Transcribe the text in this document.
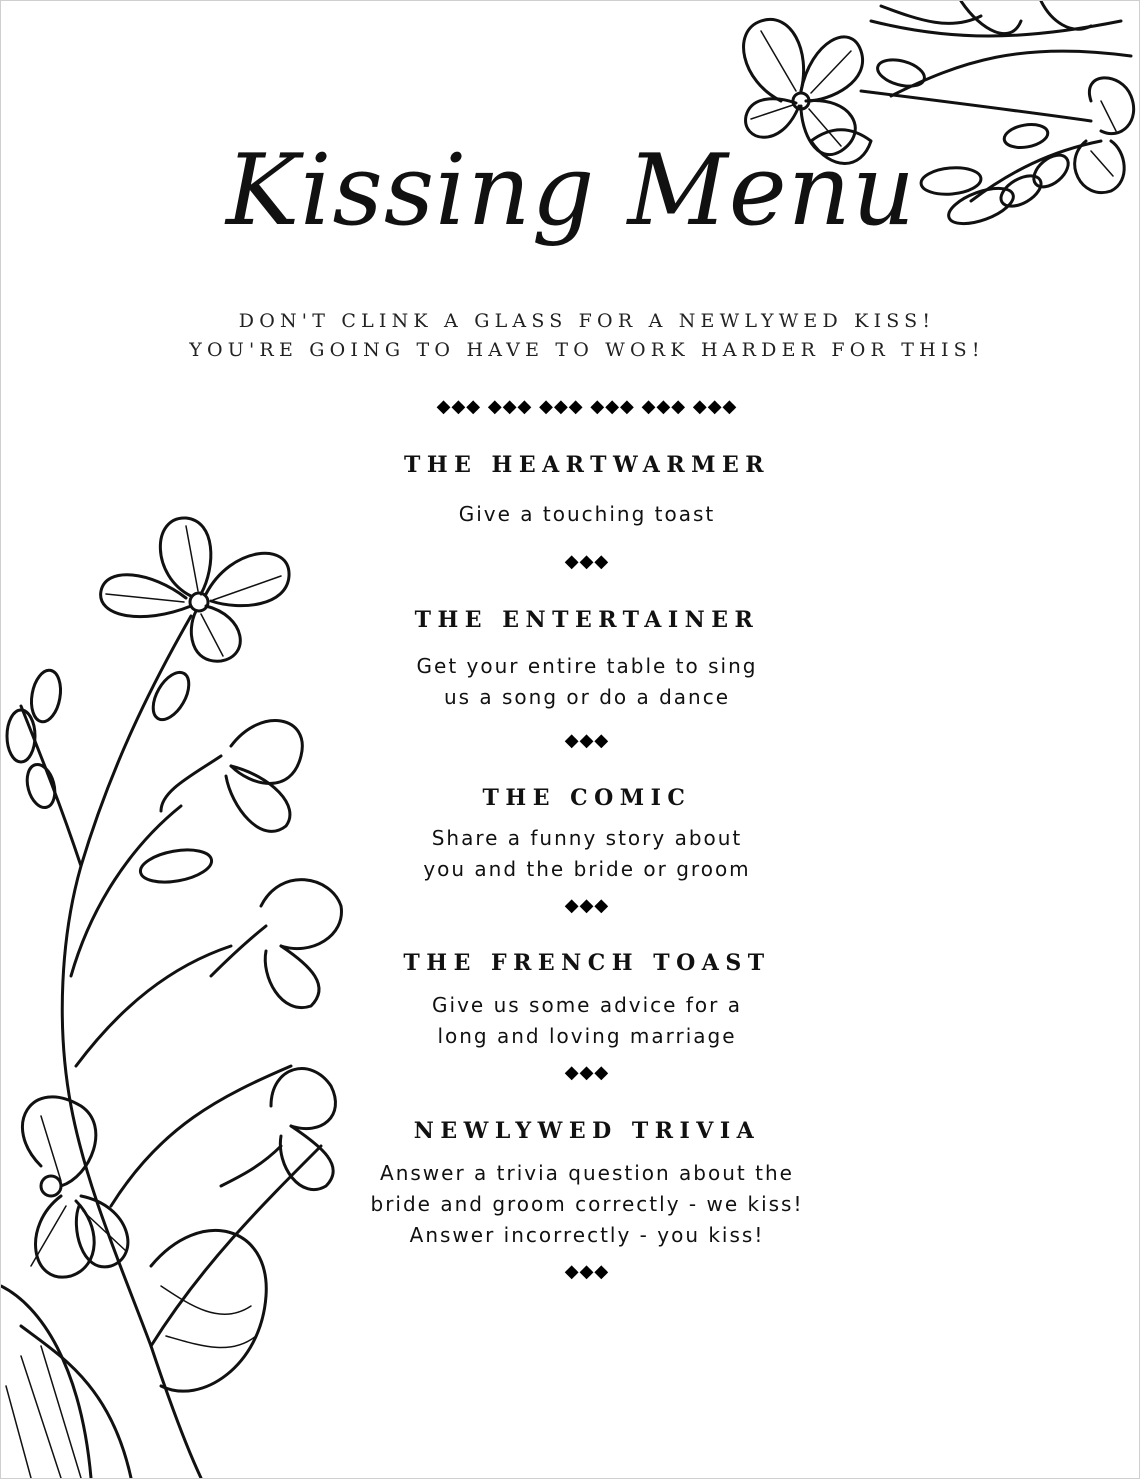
Kissing Menu
DON'T CLINK A GLASS FOR A NEWLYWED KISS!
YOU'RE GOING TO HAVE TO WORK HARDER FOR THIS!
◆◆◆ ◆◆◆ ◆◆◆ ◆◆◆ ◆◆◆ ◆◆◆
THE HEARTWARMER
Give a touching toast
◆◆◆
THE ENTERTAINER
Get your entire table to sing
us a song or do a dance
◆◆◆
THE COMIC
Share a funny story about
you and the bride or groom
◆◆◆
THE FRENCH TOAST
Give us some advice for a
long and loving marriage
◆◆◆
NEWLYWED TRIVIA
Answer a trivia question about the
bride and groom correctly - we kiss!
Answer incorrectly - you kiss!
◆◆◆
